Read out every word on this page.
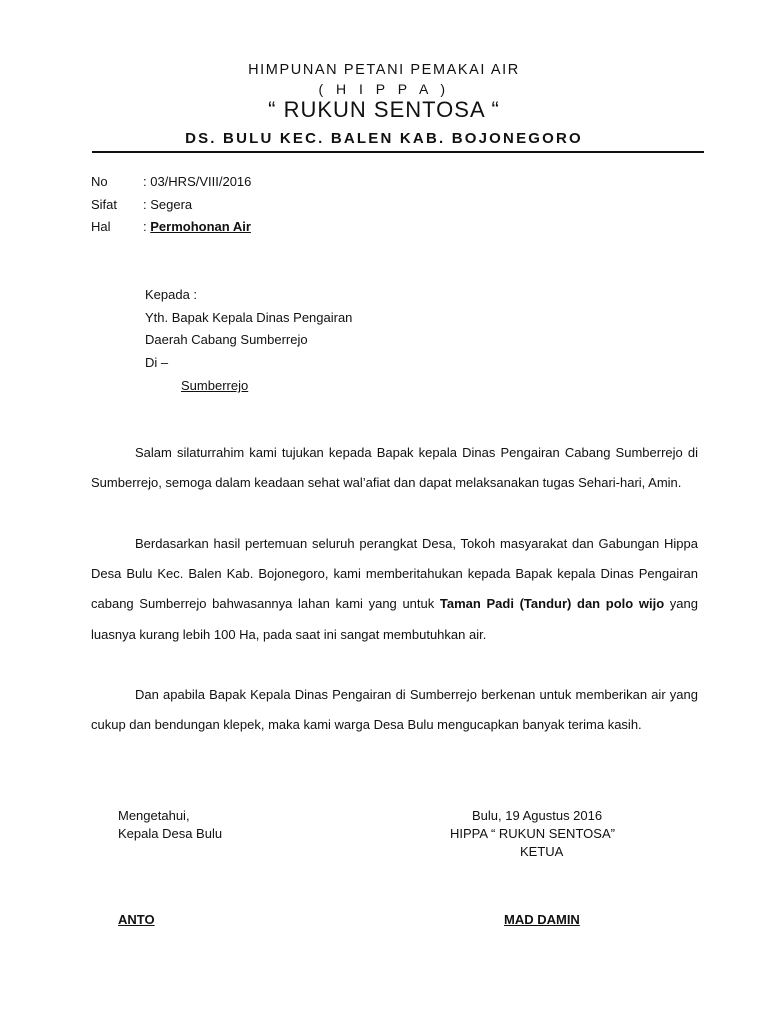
HIMPUNAN PETANI PEMAKAI AIR
( H I P P A )
“ RUKUN SENTOSA “
DS. BULU KEC. BALEN KAB. BOJONEGORO
No	: 03/HRS/VIII/2016
Sifat : Segera
Hal : Permohonan Air
Kepada :
Yth. Bapak Kepala Dinas Pengairan
Daerah Cabang Sumberrejo
Di –
Sumberrejo

Salam silaturrahim kami tujukan kepada Bapak kepala Dinas Pengairan Cabang Sumberrejo di Sumberrejo, semoga dalam keadaan sehat wal’afiat dan dapat melaksanakan tugas Sehari-hari, Amin.

Berdasarkan hasil pertemuan seluruh perangkat Desa, Tokoh masyarakat dan Gabungan Hippa Desa Bulu Kec. Balen Kab. Bojonegoro, kami memberitahukan kepada Bapak kepala Dinas Pengairan cabang Sumberrejo bahwasannya lahan kami yang untuk Taman Padi (Tandur) dan polo wijo yang luasnya kurang lebih 100 Ha, pada saat ini sangat membutuhkan air.

Dan apabila Bapak Kepala Dinas Pengairan di Sumberrejo berkenan untuk memberikan air yang cukup dan bendungan klepek, maka kami warga Desa Bulu mengucapkan banyak terima kasih.

Mengetahui,
Kepala Desa Bulu
ANTO
Bulu, 19 Agustus 2016
HIPPA “ RUKUN SENTOSA”
KETUA
MAD DAMIN
